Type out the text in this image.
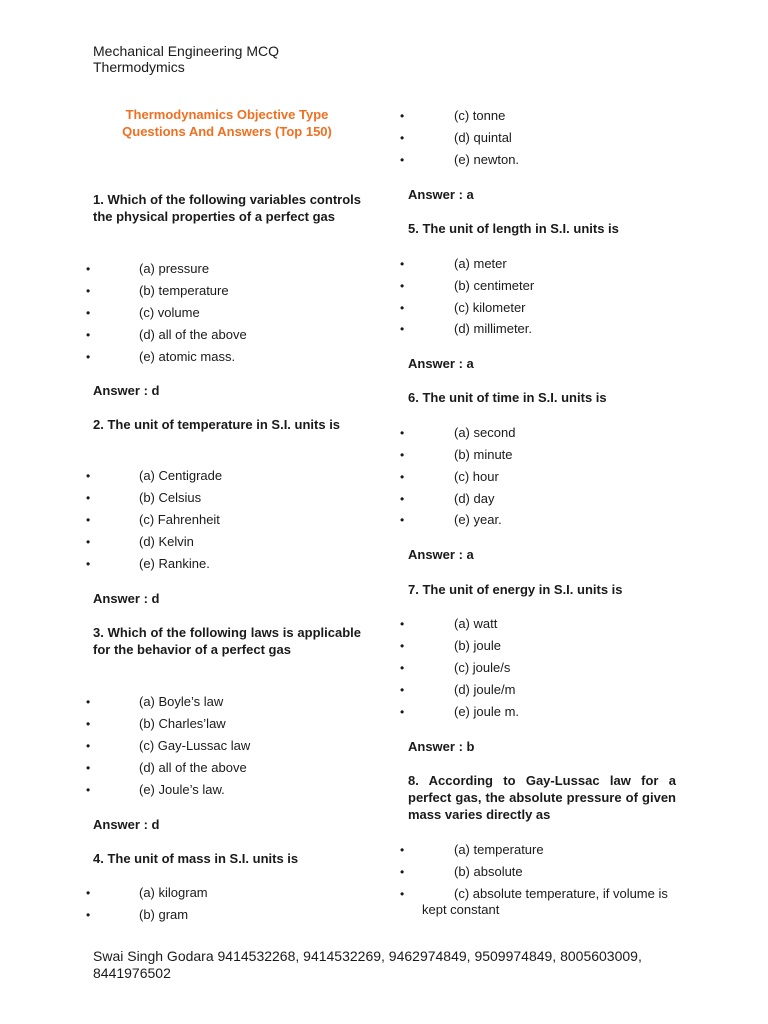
Mechanical Engineering MCQ
Thermodymics
Thermodynamics Objective Type
Questions And Answers (Top 150)
1. Which of the following variables controls the physical properties of a perfect gas
•	(a) pressure
•	(b) temperature
•	(c) volume
•	(d) all of the above
•	(e) atomic mass.
Answer : d
2. The unit of temperature in S.I. units is
•	(a) Centigrade
•	(b) Celsius
•	(c) Fahrenheit
•	(d) Kelvin
•	(e) Rankine.
Answer : d
3. Which of the following laws is applicable for the behavior of a perfect gas
•	(a) Boyle’s law
•	(b) Charles’law
•	(c) Gay-Lussac law
•	(d) all of the above
•	(e) Joule’s law.
Answer : d
4. The unit of mass in S.I. units is
•	(a) kilogram
•	(b) gram
•	(c) tonne
•	(d) quintal
•	(e) newton.
Answer : a
5. The unit of length in S.I. units is
•	(a) meter
•	(b) centimeter
•	(c) kilometer
•	(d) millimeter.
Answer : a
6. The unit of time in S.I. units is
•	(a) second
•	(b) minute
•	(c) hour
•	(d) day
•	(e) year.
Answer : a
7. The unit of energy in S.I. units is
•	(a) watt
•	(b) joule
•	(c) joule/s
•	(d) joule/m
•	(e) joule m.
Answer : b
8. According to Gay-Lussac law for a perfect gas, the absolute pressure of given mass varies directly as
•	(a) temperature
•	(b) absolute
•	(c) absolute temperature, if volume is kept constant
Swai Singh Godara 9414532268, 9414532269, 9462974849, 9509974849, 8005603009, 8441976502
